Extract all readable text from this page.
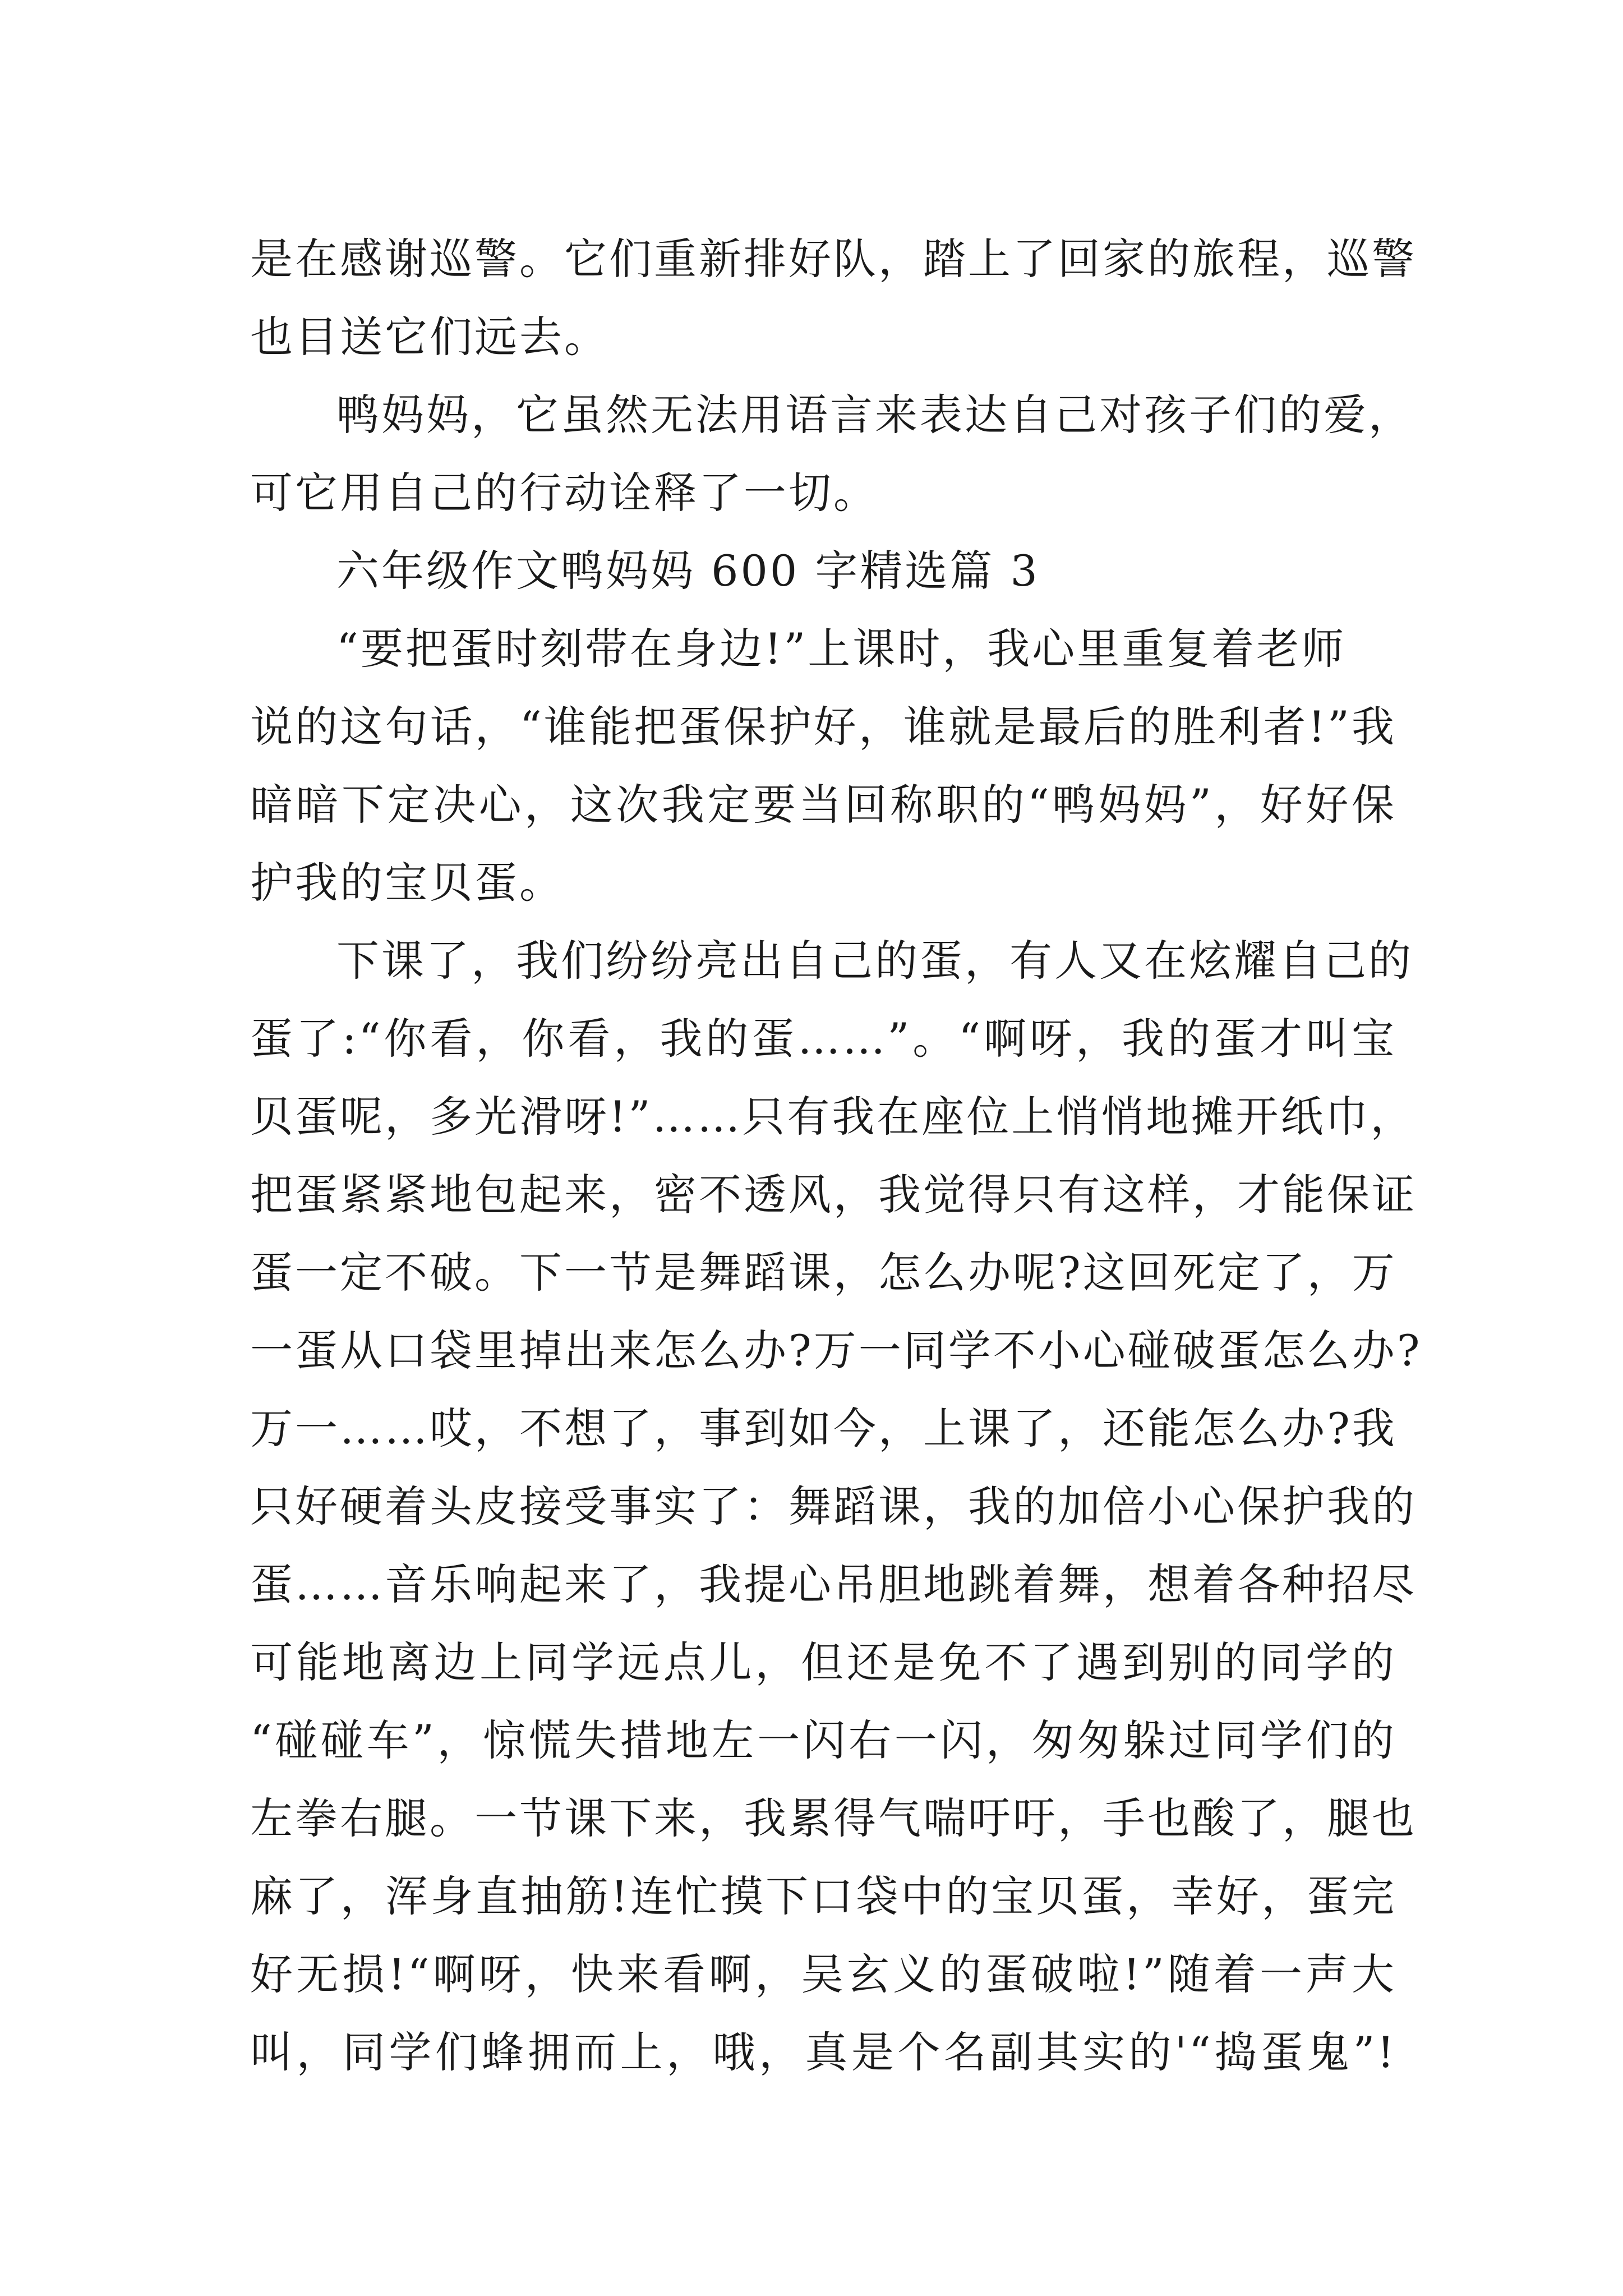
是在感谢巡警。它们重新排好队，踏上了回家的旅程，巡警
也目送它们远去。
鸭妈妈，它虽然无法用语言来表达自己对孩子们的爱，
可它用自己的行动诠释了一切。
六年级作文鸭妈妈 600 字精选篇 3
“要把蛋时刻带在身边!”上课时，我心里重复着老师
说的这句话，“谁能把蛋保护好，谁就是最后的胜利者!”我
暗暗下定决心，这次我定要当回称职的“鸭妈妈”，好好保
护我的宝贝蛋。
下课了，我们纷纷亮出自己的蛋，有人又在炫耀自己的
蛋了:“你看，你看，我的蛋……”。“啊呀，我的蛋才叫宝
贝蛋呢，多光滑呀!”……只有我在座位上悄悄地摊开纸巾，
把蛋紧紧地包起来，密不透风，我觉得只有这样，才能保证
蛋一定不破。下一节是舞蹈课，怎么办呢?这回死定了，万
一蛋从口袋里掉出来怎么办?万一同学不小心碰破蛋怎么办?
万一……哎，不想了，事到如今，上课了，还能怎么办?我
只好硬着头皮接受事实了：舞蹈课，我的加倍小心保护我的
蛋……音乐响起来了，我提心吊胆地跳着舞，想着各种招尽
可能地离边上同学远点儿，但还是免不了遇到别的同学的
“碰碰车”，惊慌失措地左一闪右一闪，匆匆躲过同学们的
左拳右腿。一节课下来，我累得气喘吁吁，手也酸了，腿也
麻了，浑身直抽筋!连忙摸下口袋中的宝贝蛋，幸好，蛋完
好无损!“啊呀，快来看啊，吴玄义的蛋破啦!”随着一声大
叫，同学们蜂拥而上，哦，真是个名副其实的'“捣蛋鬼”!
